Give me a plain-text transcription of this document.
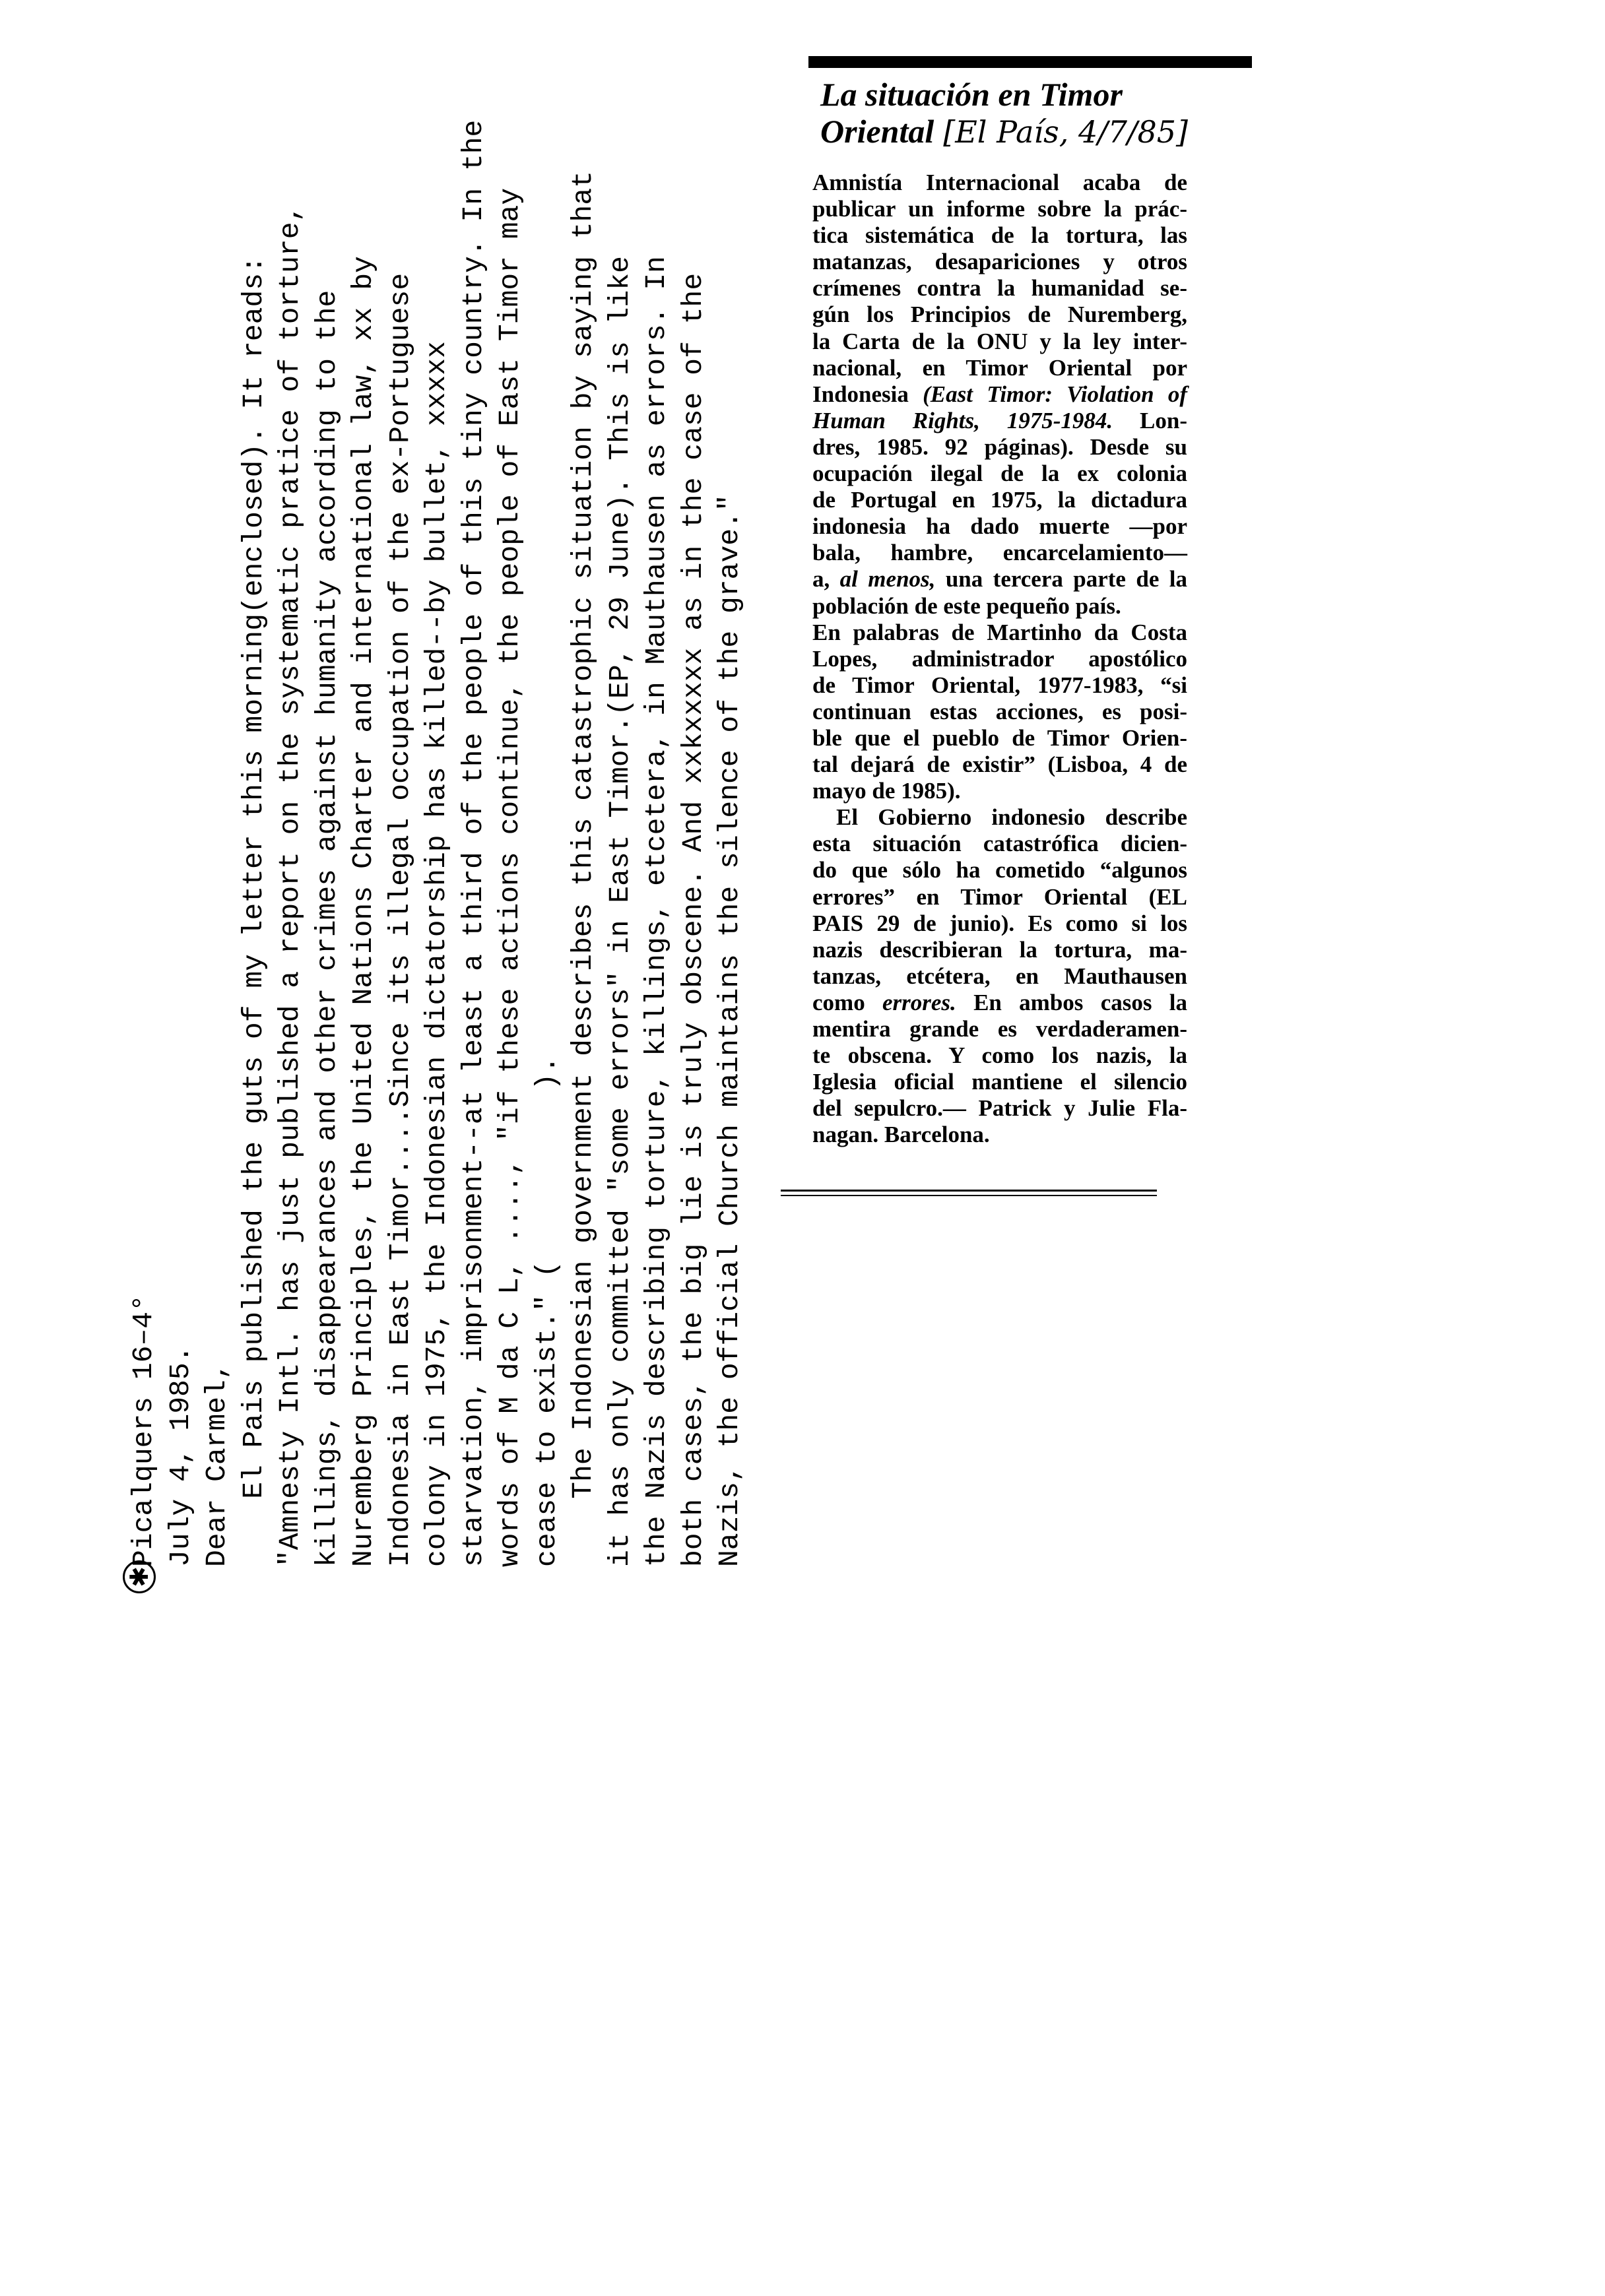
✱
Picalquers 16–4° July 4, 1985. Dear Carmel, El Pais published the guts of my letter this morning(enclosed). It reads: "Amnesty Intl. has just published a report on the systematic pratice of torture, killings, disappearances and other crimes against humanity according to the Nuremberg Principles, the United Nations Charter and international law, xx by Indonesia in East Timor....Since its illegal occupation of the ex-Portuguese colony in 1975, the Indonesian dictatorship has killed--by bullet, xxxxx starvation, imprisonment--at least a third of the people of this tiny country. In the words of M da C L, ...., "if these actions continue, the people of East Timor may cease to exist." (          ). The Indonesian government describes this catastrophic situation by saying that it has only committed "some errors" in East Timor.(EP, 29 June). This is like the Nazis describing torture, killings, etcetera, in Mauthausen as errors. In both cases, the big lie is truly obscene. And xxkxxxxx as in the case of the Nazis, the official Church maintains the silence of the grave."
La situación en Timor
Oriental [El País, 4/7/85]
Amnistía Internacional acaba de
publicar un informe sobre la prác-
tica sistemática de la tortura, las
matanzas, desapariciones y otros
crímenes contra la humanidad se-
gún los Principios de Nuremberg,
la Carta de la ONU y la ley inter-
nacional, en Timor Oriental por
Indonesia (East Timor: Violation of
Human Rights, 1975-1984. Lon-
dres, 1985. 92 páginas). Desde su
ocupación ilegal de la ex colonia
de Portugal en 1975, la dictadura
indonesia ha dado muerte —por
bala, hambre, encarcelamiento—
a, al menos, una tercera parte de la
población de este pequeño país.
En palabras de Martinho da Costa
Lopes, administrador apostólico
de Timor Oriental, 1977-1983, “si
continuan estas acciones, es posi-
ble que el pueblo de Timor Orien-
tal dejará de existir” (Lisboa, 4 de
mayo de 1985).
El Gobierno indonesio describe
esta situación catastrófica dicien-
do que sólo ha cometido “algunos
errores” en Timor Oriental (EL
PAIS 29 de junio). Es como si los
nazis describieran la tortura, ma-
tanzas, etcétera, en Mauthausen
como errores. En ambos casos la
mentira grande es verdaderamen-
te obscena. Y como los nazis, la
Iglesia oficial mantiene el silencio
del sepulcro.— Patrick y Julie Fla-
nagan. Barcelona.
